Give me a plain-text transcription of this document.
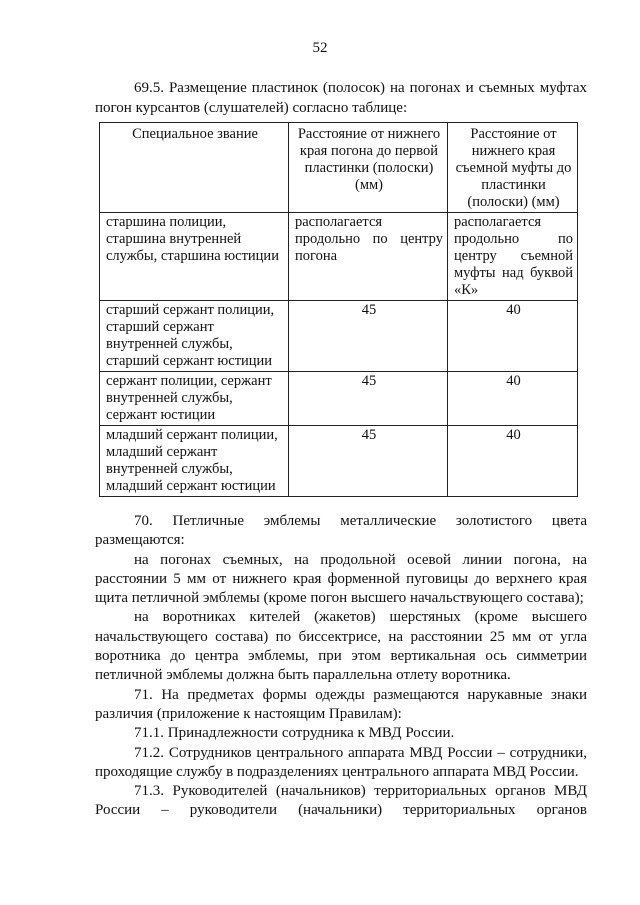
52

69.5. Размещение пластинок (полосок) на погонах и съемных муфтах погон курсантов (слушателей) согласно таблице:

Специальное звание	Расстояние от нижнего края погона до первой пластинки (полоски) (мм)	Расстояние от нижнего края съемной муфты до пластинки (полоски) (мм)
старшина полиции, старшина внутренней службы, старшина юстиции	располагается продольно по центру погона	располагается продольно по центру съемной муфты над буквой «К»
старший сержант полиции, старший сержант внутренней службы, старший сержант юстиции	45	40
сержант полиции, сержант внутренней службы, сержант юстиции	45	40
младший сержант полиции, младший сержант внутренней службы, младший сержант юстиции	45	40

70. Петличные эмблемы металлические золотистого цвета размещаются:

на погонах съемных, на продольной осевой линии погона, на расстоянии 5 мм от нижнего края форменной пуговицы до верхнего края щита петличной эмблемы (кроме погон высшего начальствующего состава);

на воротниках кителей (жакетов) шерстяных (кроме высшего начальствующего состава) по биссектрисе, на расстоянии 25 мм от угла воротника до центра эмблемы, при этом вертикальная ось симметрии петличной эмблемы должна быть параллельна отлету воротника.

71. На предметах формы одежды размещаются нарукавные знаки различия (приложение к настоящим Правилам):

71.1. Принадлежности сотрудника к МВД России.

71.2. Сотрудников центрального аппарата МВД России – сотрудники, проходящие службу в подразделениях центрального аппарата МВД России.

71.3. Руководителей (начальников) территориальных органов МВД России – руководители (начальники) территориальных органов
